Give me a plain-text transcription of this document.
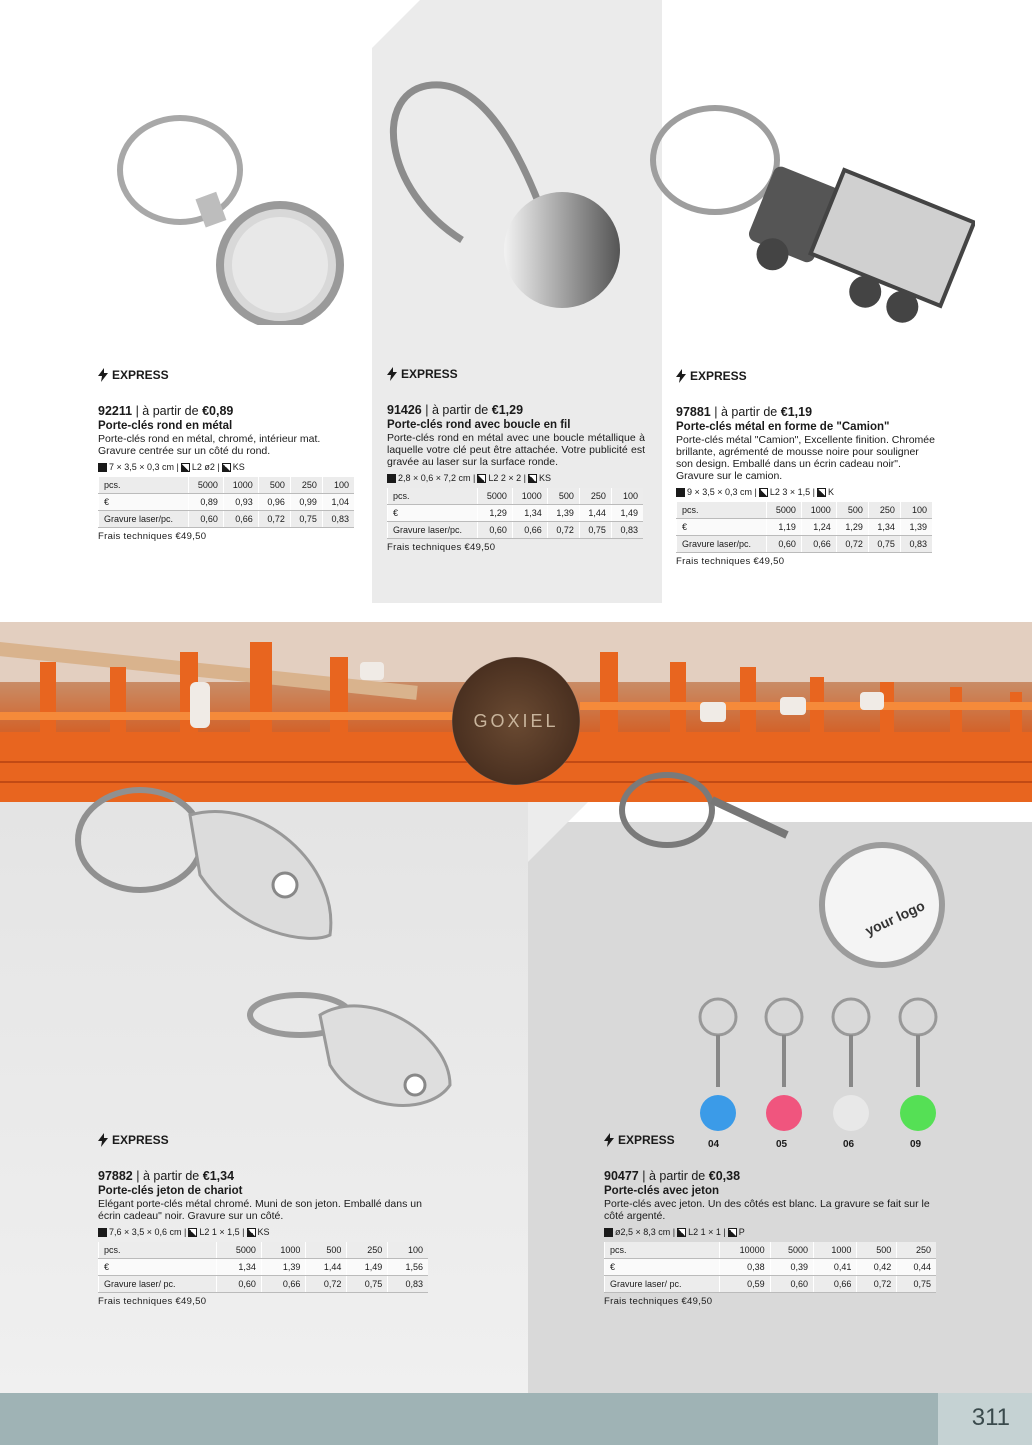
GOXIEL
your logo
04	05	06	09
EXPRESS

92211 | à partir de €0,89

Porte-clés rond en métal

Porte-clés rond en métal, chromé, intérieur mat. Gravure centrée sur un côté du rond.

7 × 3,5 × 0,3 cm | L2 ø2 | KS
pcs.	5000	1000	500	250	100
€	0,89	0,93	0,96	0,99	1,04
Gravure laser/pc.	0,60	0,66	0,72	0,75	0,83
Frais techniques €49,50
EXPRESS

91426 | à partir de €1,29

Porte-clés rond avec boucle en fil

Porte-clés rond en métal avec une boucle métallique à laquelle votre clé peut être attachée. Votre publicité est gravée au laser sur la surface ronde.

2,8 × 0,6 × 7,2 cm | L2 2 × 2 | KS
pcs.	5000	1000	500	250	100
€	1,29	1,34	1,39	1,44	1,49
Gravure laser/pc.	0,60	0,66	0,72	0,75	0,83
Frais techniques €49,50
EXPRESS

97881 | à partir de €1,19

Porte-clés métal en forme de "Camion"

Porte-clés métal "Camion", Excellente finition. Chromée brillante, agrémenté de mousse noire pour souligner son design. Emballé dans un écrin cadeau noir". Gravure sur le camion.

9 × 3,5 × 0,3 cm | L2 3 × 1,5 | K
pcs.	5000	1000	500	250	100
€	1,19	1,24	1,29	1,34	1,39
Gravure laser/pc.	0,60	0,66	0,72	0,75	0,83
Frais techniques €49,50
EXPRESS

97882 | à partir de €1,34

Porte-clés jeton de chariot

Elégant porte-clés métal chromé. Muni de son jeton. Emballé dans un écrin cadeau" noir. Gravure sur un côté.

7,6 × 3,5 × 0,6 cm | L2 1 × 1,5 | KS
pcs.	5000	1000	500	250	100
€	1,34	1,39	1,44	1,49	1,56
Gravure laser/ pc.	0,60	0,66	0,72	0,75	0,83
Frais techniques €49,50
EXPRESS

90477 | à partir de €0,38

Porte-clés avec jeton

Porte-clés avec jeton. Un des côtés est blanc. La gravure se fait sur le côté argenté.

ø2,5 × 8,3 cm | L2 1 × 1 | P
pcs.	10000	5000	1000	500	250
€	0,38	0,39	0,41	0,42	0,44
Gravure laser/ pc.	0,59	0,60	0,66	0,72	0,75
Frais techniques €49,50
311
